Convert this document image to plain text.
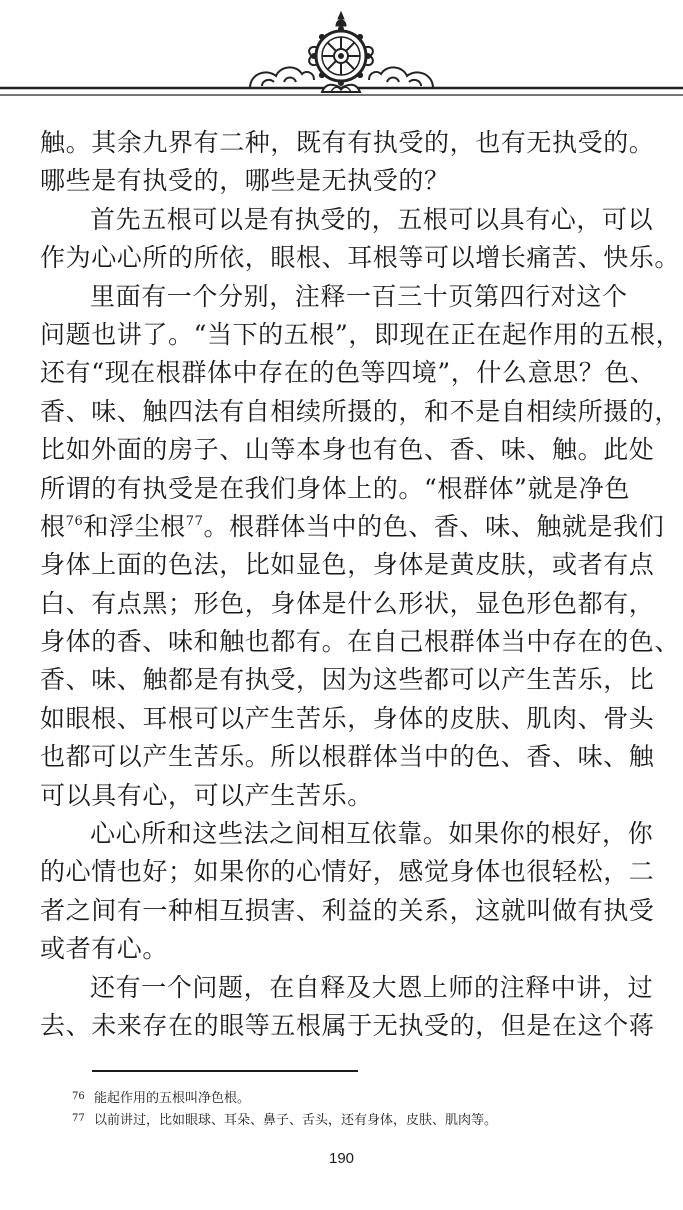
触。其余九界有二种，既有有执受的，也有无执受的。
哪些是有执受的，哪些是无执受的？
首先五根可以是有执受的，五根可以具有心，可以
作为心心所的所依，眼根、耳根等可以增长痛苦、快乐。
里面有一个分别，注释一百三十页第四行对这个
问题也讲了。“当下的五根”，即现在正在起作用的五根，
还有“现在根群体中存在的色等四境”，什么意思？色、
香、味、触四法有自相续所摄的，和不是自相续所摄的，
比如外面的房子、山等本身也有色、香、味、触。此处
所谓的有执受是在我们身体上的。“根群体”就是净色
根$^{76}$和浮尘根$^{77}$。根群体当中的色、香、味、触就是我们
身体上面的色法，比如显色，身体是黄皮肤，或者有点
白、有点黑；形色，身体是什么形状，显色形色都有，
身体的香、味和触也都有。在自己根群体当中存在的色、
香、味、触都是有执受，因为这些都可以产生苦乐，比
如眼根、耳根可以产生苦乐，身体的皮肤、肌肉、骨头
也都可以产生苦乐。所以根群体当中的色、香、味、触
可以具有心，可以产生苦乐。
心心所和这些法之间相互依靠。如果你的根好，你
的心情也好；如果你的心情好，感觉身体也很轻松，二
者之间有一种相互损害、利益的关系，这就叫做有执受
或者有心。
还有一个问题，在自释及大恩上师的注释中讲，过
去、未来存在的眼等五根属于无执受的，但是在这个蒋
76 能起作用的五根叫净色根。
77 以前讲过，比如眼球、耳朵、鼻子、舌头，还有身体，皮肤、肌肉等。
190
